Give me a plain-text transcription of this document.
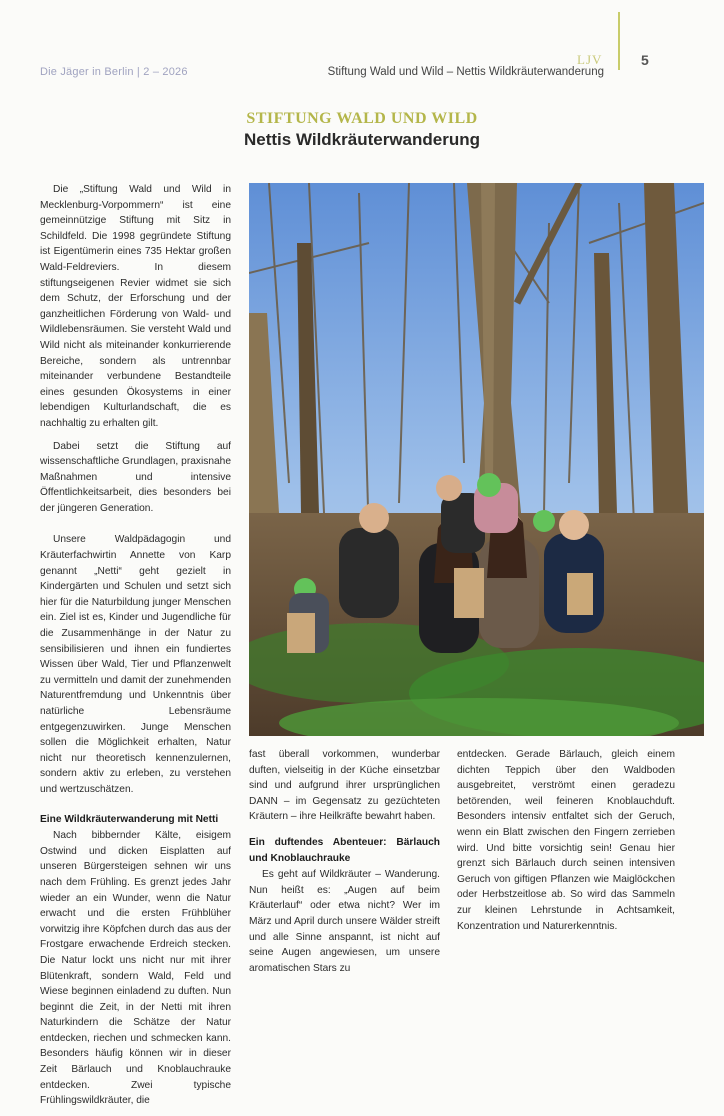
Die Jäger in Berlin | 2 – 2026
LJV	5
Stiftung Wald und Wild – Nettis Wildkräuterwanderung
STIFTUNG WALD UND WILD
Nettis Wildkräuterwanderung

Die „Stiftung Wald und Wild in Mecklenburg-Vorpommern“ ist eine gemeinnützige Stiftung mit Sitz in Schildfeld. Die 1998 gegründete Stiftung ist Eigentümerin eines 735 Hektar großen Wald-Feldreviers. In diesem stiftungseigenen Revier widmet sie sich dem Schutz, der Erforschung und der ganzheitlichen Förderung von Wald- und Wildlebensräumen. Sie versteht Wald und Wild nicht als miteinander konkurrierende Bereiche, sondern als untrennbar miteinander verbundene Bestandteile eines gesunden Ökosystems in einer lebendigen Kulturlandschaft, die es nachhaltig zu erhalten gilt.

Dabei setzt die Stiftung auf wissenschaftliche Grundlagen, praxisnahe Maßnahmen und intensive Öffentlichkeitsarbeit, dies besonders bei der jüngeren Generation.

Unsere Waldpädagogin und Kräuterfachwirtin Annette von Karp genannt „Netti“ geht gezielt in Kindergärten und Schulen und setzt sich hier für die Naturbildung junger Menschen ein. Ziel ist es, Kinder und Jugendliche für die Zusammenhänge in der Natur zu sensibilisieren und ihnen ein fundiertes Wissen über Wald, Tier und Pflanzenwelt zu vermitteln und damit der zunehmenden Naturentfremdung und Unkenntnis über natürliche Lebensräume entgegenzuwirken. Junge Menschen sollen die Möglichkeit erhalten, Natur nicht nur theoretisch kennenzulernen, sondern aktiv zu erleben, zu verstehen und wertzuschätzen.

Eine Wildkräuterwanderung mit Netti

Nach bibbernder Kälte, eisigem Ostwind und dicken Eisplatten auf unseren Bürgersteigen sehnen wir uns nach dem Frühling. Es grenzt jedes Jahr wieder an ein Wunder, wenn die Natur erwacht und die ersten Frühblüher vorwitzig ihre Köpfchen durch das aus der Frostgare erwachende Erdreich stecken. Die Natur lockt uns nicht nur mit ihrer Blütenkraft, sondern Wald, Feld und Wiese beginnen einladend zu duften. Nun beginnt die Zeit, in der Netti mit ihren Naturkindern die Schätze der Natur entdecken, riechen und schmecken kann. Besonders häufig können wir in dieser Zeit Bärlauch und Knoblauchrauke entdecken. Zwei typische Frühlingswildkräuter, die

fast überall vorkommen, wunderbar duften, vielseitig in der Küche einsetzbar sind und aufgrund ihrer ursprünglichen DANN – im Gegensatz zu gezüchteten Kräutern – ihre Heilkräfte bewahrt haben.

Ein duftendes Abenteuer: Bärlauch und Knoblauchrauke

Es geht auf Wildkräuter – Wanderung. Nun heißt es: „Augen auf beim Kräuterlauf“ oder etwa nicht? Wer im März und April durch unsere Wälder streift und alle Sinne anspannt, ist nicht auf seine Augen angewiesen, um unsere aromatischen Stars zu

entdecken. Gerade Bärlauch, gleich einem dichten Teppich über den Waldboden ausgebreitet, verströmt einen geradezu betörenden, weil feineren Knoblauchduft. Besonders intensiv entfaltet sich der Geruch, wenn ein Blatt zwischen den Fingern zerrieben wird. Und bitte vorsichtig sein! Genau hier grenzt sich Bärlauch durch seinen intensiven Geruch von giftigen Pflanzen wie Maiglöckchen oder Herbstzeitlose ab. So wird das Sammeln zur kleinen Lehrstunde in Achtsamkeit, Konzentration und Naturerkenntnis.
